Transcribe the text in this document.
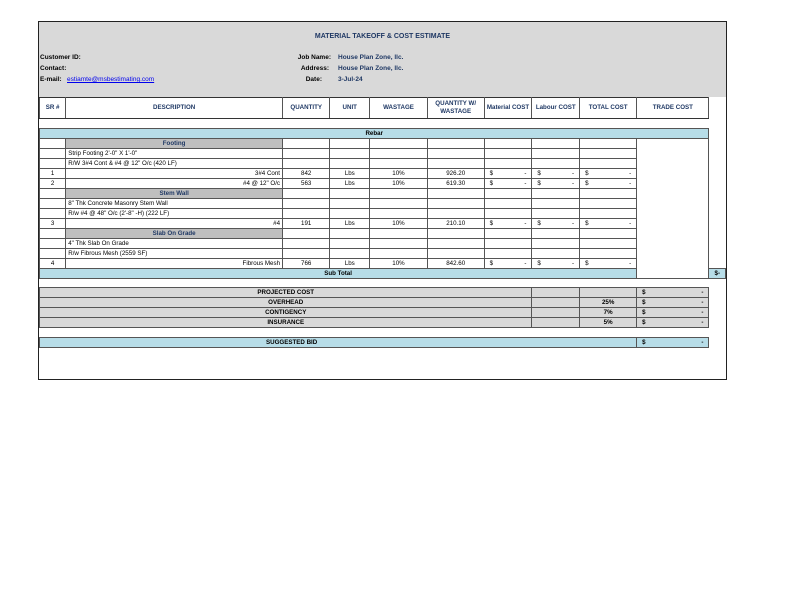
MATERIAL TAKEOFF & COST ESTIMATE
Customer ID:
Contact:
E-mail: estiamte@msbestimating.com
Job Name: House Plan Zone, llc.
Address: House Plan Zone, llc.
Date: 3-Jul-24
SR #	DESCRIPTION	QUANTITY	UNIT	WASTAGE	QUANTITY W/ WASTAGE	Material COST	Labour COST	TOTAL COST	TRADE COST	

Rebar										
	Footing									
	Strip Footing 2'-0" X 1'-0"									
	R/W 3#4 Cont & #4 @ 12" O/c (420 LF)									
1	3#4 Cont	842	Lbs	10%	926.20	$ -	$ -	$ -		

2	#4 @ 12" O/c	563	Lbs	10%	619.30	$ -	$ -	$ -		

	Stem Wall									
	8" Thk Concrete Masonry Stem Wall									
	R/w #4 @ 48" O/c (2'-8" -H) (222 LF)									
3	#4	191	Lbs	10%	210.10	$ -	$ -	$ -		

	Slab On Grade									
	4" Thk Slab On Grade									
	R/w Fibrous Mesh (2559 SF)									
4	Fibrous Mesh	766	Lbs	10%	842.60	$ -	$ -	$ -		

Sub Total										$ -

PROJECTED COST									$ -	

OVERHEAD								25%	$ -	

CONTIGENCY								7%	$ -	

INSURANCE								5%	$ -	

SUGGESTED BID									$ -	
